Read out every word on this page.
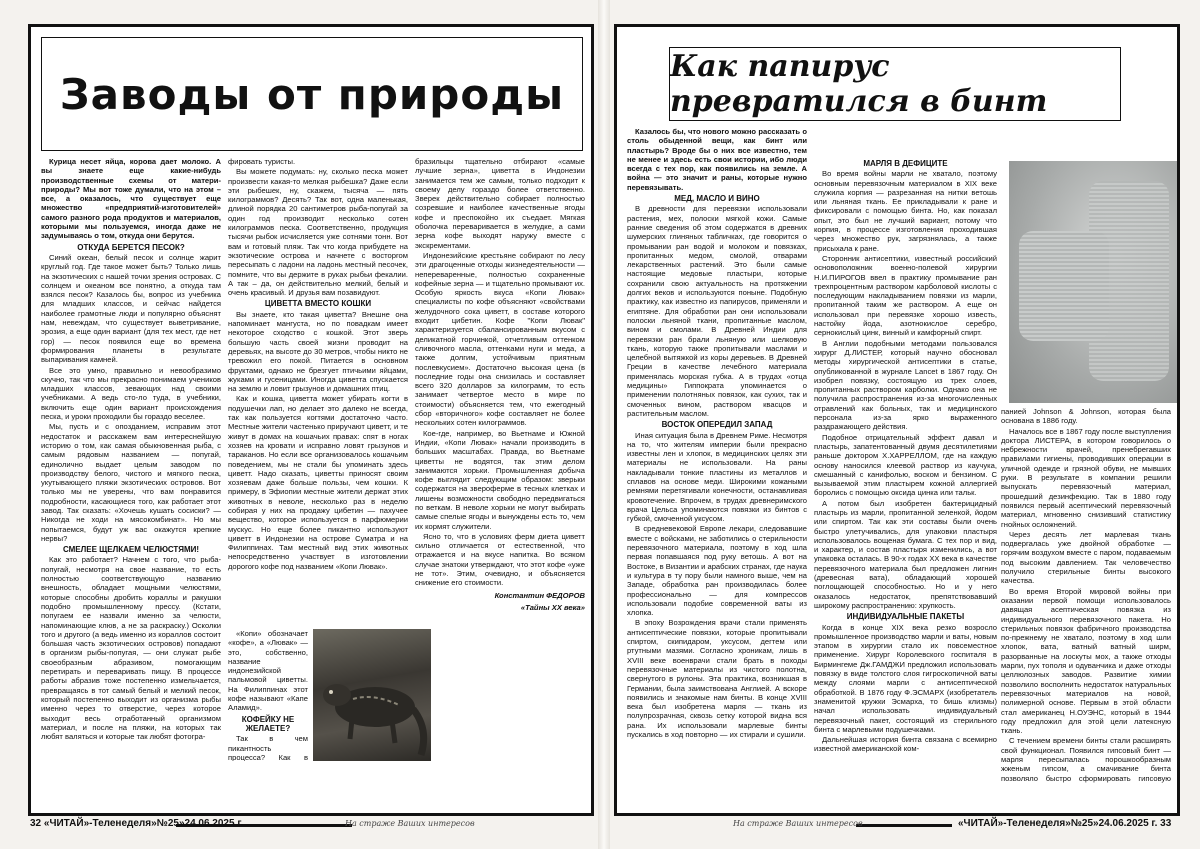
Заводы от природы

Курица несет яйца, корова дает молоко. А вы знаете еще какие-нибудь производственные схемы от матери-природы? Мы вот тоже думали, что на этом – все, а оказалось, что существует еще множество «предприятий-изготовителей» самого разного рода продуктов и материалов, которыми мы пользуемся, иногда даже не задумываясь о том, откуда они берутся.

ОТКУДА БЕРЕТСЯ ПЕСОК?

Синий океан, белый песок и солнце жарит круглый год. Где такое может быть? Только лишь на экзотических с нашей точки зрения островах. С солнцем и океаном все понятно, а откуда там взялся песок? Казалось бы, вопрос из учебника для младших классов, и сейчас найдется наиболее грамотные люди и популярно объяснят нам, невеждам, что существует выветривание, эрозия, а еще один вариант (для тех мест, где нет гор) — песок появился еще во времена формирования планеты в результате выпаривания камней.

Все это умно, правильно и невообразимо скучно, так что мы прекрасно понимаем учеников младших классов, зевающих над своими учебниками. А ведь сто-ло туда, в учебники, включить еще один вариант происхождения песка, и уроки проходили бы гораздо веселее.

Мы, пусть и с опозданием, исправим этот недостаток и расскажем вам интереснейшую историю о том, как самая обыкновенная рыба, с самым рядовым названием — попугай, единолично выдает целым заводом по производству белого, чистого и мягкого песка, укутывающего пляжи экзотических островов. Вот только мы не уверены, что вам понравится подробности, касающиеся того, как работает этот завод. Так сказать: «Хочешь кушать сосиски? — Никогда не ходи на мясокомбинат». Но мы попытаемся, будут уж вас окажутся крепкие нервы?

СМЕЛЕЕ ЩЕЛКАЕМ ЧЕЛЮСТЯМИ!

Как это работает? Начнем с того, что рыба-попугай, несмотря на свое название, то есть полностью соответствующую названию внешность, обладает мощными челюстями, которые способны дробить кораллы и ракушки подобно промышленному прессу. (Кстати, попугаем ее назвали именно за челюсти, напоминающие клюв, а не за раскраску.) Осколки того и другого (а ведь именно из кораллов состоит большая часть экзотических островов) попадают в организм рыбы-попугая, — они служат рыбе своеобразным абразивом, помогающим перетирать и переваривать пищу. В процессе работы абразив тоже постепенно измельчается, превращаясь в тот самый белый и мелкий песок, который постепенно выходит из организма рыбы именно через то отверстие, через которое выходит весь отработанный организмом материал, и после на пляжи, на которых так любят валяться и которые так любят фотогра-

фировать туристы.

Вы можете подумать: ну, сколько песка может произвести какая-то мелкая рыбешка? Даже если эти рыбешек, ну, скажем, тысяча — пять килограммов? Десять? Так вот, одна маленькая, длиной порядка 20 сантиметров рыба-попугай за один год производит несколько сотен килограммов песка. Соответственно, продукция тысячи рыбок исчисляется уже сотнями тонн. Вот вам и готовый пляж. Так что когда прибудете на экзотические острова и начнете с восторгом пересыпать с ладони на ладонь местный песочек, помните, что вы держите в руках рыбьи фекалии. А так – да, он действительно мелкий, белый и очень красивый. И друзья вам позавидуют.

ЦИВЕТТА ВМЕСТО КОШКИ

Вы знаете, кто такая циветта? Внешне она напоминает мангуста, но по повадкам имеет некоторое сходство с кошкой. Этот зверь большую часть своей жизни проводит на деревьях, на высоте до 30 метров, чтобы никто не тревожил его покой. Питается в основном фруктами, однако не брезгует птичьими яйцами, жуками и гусеницами. Иногда циветта спускается на землю и ловит грызунов и домашних птиц.

Как и кошка, циветта может убирать когти в подушечки лап, но делает это далеко не всегда, так как пользуется когтями достаточно часто. Местные жители частенько приручают циветт, и те живут в домах на кошачьих правах: спят в ногах хозяев на кровати и исправно ловят грызунов и тараканов. Но если все организовалось кошачьим поведением, мы не стали бы упоминать здесь циветт. Надо сказать, циветты приносят своим хозяевам даже больше пользы, чем кошки. К примеру, в Эфиопии местные жители держат этих животных в неволе, несколько раз в неделю собирая у них на продажу цибетин — пахучее вещество, которое используется в парфюмерии мускус. Но еще более пикантно используют циветт в Индонезии на острове Суматра и на Филиппинах. Там местный вид этих животных непосредственно участвует в изготовлении дорогого кофе под названием «Копи Лювак».

«Копи» обозначает «кофе», а «Лювак» — это, собственно, название индонезийской пальмовой циветты. На Филиппинах этот кофе называют «Капе Аламид».

КОФЕЙКУ НЕ ЖЕЛАЕТЕ?

Так в чем пикантность процесса? Как в

бразильцы тщательно отбирают «самые лучшие зерна», циветта в Индонезии занимается тем же самым, только подходит к своему делу гораздо более ответственно. Зверек действительно собирает полностью созревшие и наиболее качественные ягоды кофе и преспокойно их съедает. Мягкая оболочка переваривается в желудке, а сами зерна кофе выходят наружу вместе с экскрементами.

Индонезийские крестьяне собирают по лесу эти драгоценные отходы жизнедеятельности — непереваренные, полностью сохраненные кофейные зерна — и тщательно промывают их. Особую яркость вкуса «Копи Лювак» специалисты по кофе объясняют «свойствами желудочного сока циветт, в составе которого входит цибетин. Кофе "Копи Лювак" характеризуется сбалансированным вкусом с деликатной горчинкой, отчетливым оттенком сливочного масла, оттенками нуги и меда, а также долгим, устойчивым приятным послевкусием». Достаточно высокая цена (в последние годы она снизилась и составляет всего 320 долларов за килограмм, то есть занимает четвертое место в мире по стоимости) объясняется тем, что ежегодный сбор «вторичного» кофе составляет не более нескольких сотен килограммов.

Кое-где, например, во Вьетнаме и Южной Индии, «Копи Лювак» начали производить в больших масштабах. Правда, во Вьетнаме циветты не водятся, так этим делом занимаются хорьки. Промышленная добыча кофе выглядит следующим образом: зверьки содержатся на звероферме в тесных клетках и лишены возможности свободно передвигаться по веткам. В неволе хорьки не могут выбирать самые спелые ягоды и вынуждены есть то, чем их кормят служители.

Ясно то, что в условиях ферм диета циветт сильно отличается от естественной, что отражается и на вкусе напитка. Во всяком случае знатоки утверждают, что этот кофе «уже не тот». Этим, очевидно, и объясняется снижение его стоимости.

Константин ФЕДОРОВ
«Тайны ХХ века»
32 «ЧИТАЙ»-Теленеделя»№25»24.06.2025 г.	На страже Ваших интересов
Как папирус превратился в бинт

Казалось бы, что нового можно рассказать о столь обыденной вещи, как бинт или пластырь? Вроде бы о них все известно, тем не менее и здесь есть свои истории, ибо люди всегда с тех пор, как появились на земле. А война — это значит и раны, которые нужно перевязывать.

МЕД, МАСЛО И ВИНО

В древности для перевязки использовали растения, мех, полоски мягкой кожи. Самые ранние сведения об этом содержатся в древних шумерских глиняных табличках, где говорится о промывании ран водой и молоком и повязках, пропитанных медом, смолой, отварами лекарственных растений. Это были самые настоящие медовые пластыри, которые сохранили свою актуальность на протяжении долгих веков и используются поныне. Подобную практику, как известно из папирусов, применяли и египтяне. Для обработки ран они использовали полоски льняной ткани, пропитанные маслом, вином и смолами. В Древней Индии для перевязки ран брали льняную или шелковую ткань, которую также пропитывали маслами и целебной вытяжкой из коры деревьев. В Древней Греции в качестве лечебного материала применялась морская губка. А в трудах «отца медицины» Гиппократа упоминается о применении полотняных повязок, как сухих, так и смоченных вином, раствором квасцов и растительным маслом.

ВОСТОК ОПЕРЕДИЛ ЗАПАД

Иная ситуация была в Древнем Риме. Несмотря на то, что жителям империи были прекрасно известны лен и хлопок, в медицинских целях эти материалы не использовали. На раны накладывали тонкие пластины из металлов и сплавов на основе меди. Широкими кожаными ремнями перетягивали конечности, останавливая кровотечение. Впрочем, в трудах древнеримского врача Цельса упоминаются повязки из бинтов с губкой, смоченной уксусом.

В средневековой Европе лекари, следовавшие вместе с войсками, не заботились о стерильности перевязочного материала, поэтому в ход шла первая попавшаяся под руку ветошь. А вот на Востоке, в Византии и арабских странах, где наука и культура в ту пору были намного выше, чем на Западе, обработка ран производилась более профессионально — для компрессов использовали подобие современной ваты из хлопка.

В эпоху Возрождения врачи стали применять антисептические повязки, которые пропитывали спиртом, скипидаром, уксусом, дегтем или ртутными мазями. Согласно хроникам, лишь в XVIII веке военврачи стали брать в походы перевязочные материалы из чистого полотна, свернутого в рулоны. Эта практика, возникшая в Германии, была заимствована Англией. А вскоре появились и знакомые нам бинты. В конце XVIII века был изобретена марля — ткань из полупрозрачная, сквозь сетку которой видна вся рана. Их использовали марлевые бинты пускались в ход повторно — их стирали и сушили.

МАРЛЯ В ДЕФИЦИТЕ

Во время войны марли не хватало, поэтому основным перевязочным материалом в XIX веке служила корпия — разрезанная на нитки ветошь или льняная ткань. Ее прикладывали к ране и фиксировали с помощью бинта. Но, как показал опыт, это был не лучший вариант, потому что корпия, в процессе изготовления проходившая через множество рук, загрязнялась, а также присыхала к ране.

Сторонник антисептики, известный российский основоположник военно-полевой хирургии Н.И.ПИРОГОВ ввел в практику промывание ран трехпроцентным раствором карболовой кислоты с последующим накладыванием повязки из марли, пропитанной таким же раствором. А еще он использовал при перевязке хорошо известь, настойку йода, азотнокислое серебро, сернокислый цинк, винный и камфорный спирт.

В Англии подобными методами пользовался хирург Д.ЛИСТЕР, который научно обосновал методы хирургической антисептики в статье, опубликованной в журнале Lancet в 1867 году. Он изобрел повязку, состоящую из трех слоев, пропитанных раствором карболки. Однако она не получила распространения из-за многочисленных отравлений как больных, так и медицинского персонала из-за ярко выраженного раздражающего действия.

Подобное отрицательный эффект давал и пластырь, запатентованный двумя десятилетиями раньше доктором Х.ХАРРЕЛЛОМ, где на каждую основу наносился клеевой раствор из каучука, смешанный с канифолью, воском и бензином. С вызываемой этим пластырем кожной аллергией боролись с помощью оксида цинка или тальк.

А потом был изобретен бактерицидный пластырь из марли, пропитанной зеленкой, йодом или спиртом. Так как эти составы были очень быстро улетучивались, для упаковки пластыря использовалось вощеная бумага. С тех пор и вид, и характер, и состав пластыря изменились, а вот упаковка осталась. В 90-х годах XX века в качестве перевязочного материала был предложен лигнин (древесная вата), обладающий хорошей поглощающей способностью. Но и у него оказалось недостаток, препятствовавший широкому распространению: хрупкость.

ИНДИВИДУАЛЬНЫЕ ПАКЕТЫ

Когда в конце XIX века резко возросло промышленное производство марли и ваты, новым этапом в хирургии стало их повсеместное применение. Хирург Королевского госпиталя в Бирмингеме Дж.ГАМДЖИ предложил использовать повязку в виде толстого слоя гигроскопичной ваты между слоями марли с антисептической обработкой. В 1876 году Ф.ЭСМАРХ (изобретатель знаменитой кружки Эсмарха, то бишь клизмы) начал использовать индивидуальный перевязочный пакет, состоящий из стерильного бинта с марлевыми подушечками.

Дальнейшая история бинта связана с всемирно известной американской ком-

панией Johnson & Johnson, которая была основана в 1886 году.

Началось все в 1867 году после выступления доктора ЛИСТЕРА, в котором говорилось о небрежности врачей, пренебрегавших правилами гигиены, проводивших операции в уличной одежде и грязной обуви, не мывших руки. В результате в компании решили выпускать перевязочный материал, прошедший дезинфекцию. Так в 1880 году появился первый асептический перевязочный материал, мгновенно снизивший статистику гнойных осложнений.

Через десять лет марлевая ткань подвергалась уже двойной обработке — горячим воздухом вместе с паром, подаваемым под высоким давлением. Так человечество получило стерильные бинты высокого качества.

Во время Второй мировой войны при оказании первой помощи использовалось давящая асептическая повязка из индивидуального перевязочного пакета. Но стерильных повязок фабричного производства по-прежнему не хватало, поэтому в ход шли хлопок, вата, ватный ватный ширм, разорванные на лоскуты мох, а также отходы марли, пух тополя и одуванчика и даже отходы целлюлозных заводов. Развитие химии позволило восполнить недостаток натуральных перевязочных материалов на новой, полимерной основе. Первым в этой области стал американец Н.ОУЭНС, который в 1944 году предложил для этой цели латексную ткань.

С течением времени бинты стали расширять свой функционал. Появился гипсовый бинт — марля пересыпалась порошкообразным жженым гипсом, а смачивание бинта позволяло быстро сформировать гипсовую

На страже Ваших интересов	«ЧИТАЙ»-Теленеделя»№25»24.06.2025 г. 33
